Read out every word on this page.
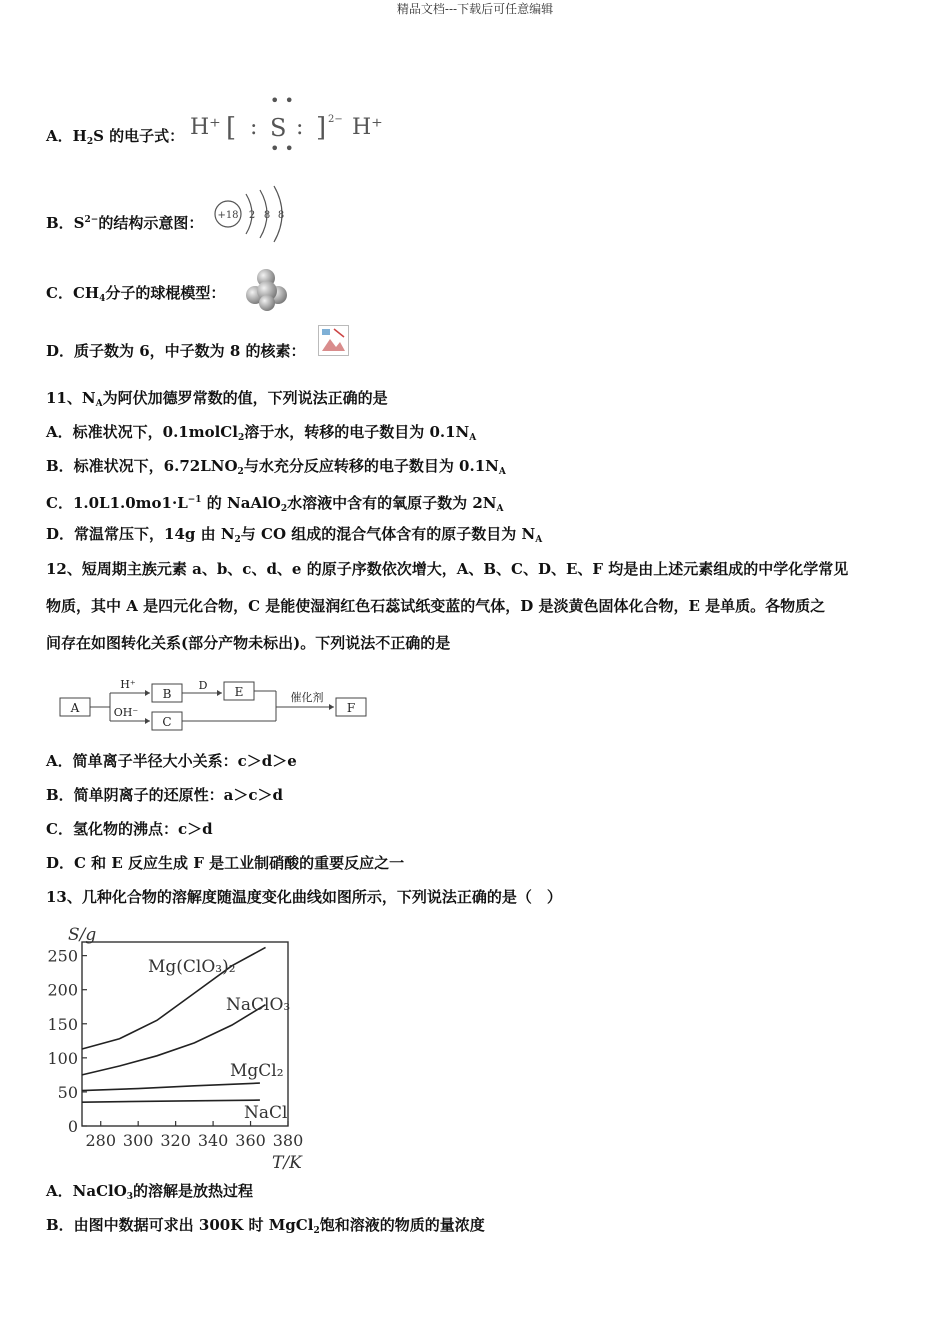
精品文档---下载后可任意编辑
A．$H_2S$ 的电子式： H⁺ [ : S
• •
• •
: ] 2− H⁺
B．$S^{2-}$的结构示意图： +18 2 8 8
C．$CH_4$分子的球棍模型：
D．质子数为 6，中子数为 8 的核素：
11、$N_A$为阿伏加德罗常数的值，下列说法正确的是
A．标准状况下，0.1molCl$_2$溶于水，转移的电子数目为 $0.1N_A$
B．标准状况下，$6.72LNO_2$与水充分反应转移的电子数目为 $0.1N_A$
C．$1.0L1.0mo1\cdot L^{-1}$ 的 NaAlO$_2$水溶液中含有的氧原子数为 $2N_A$
D．常温常压下，14g 由 $N_2$与 CO 组成的混合气体含有的原子数目为 $N_A$
12、短周期主族元素 a、b、c、d、e 的原子序数依次增大，A、B、C、D、E、F 均是由上述元素组成的中学化学常见
物质，其中 A 是四元化合物，C 是能使湿润红色石蕊试纸变蓝的气体，D 是淡黄色固体化合物，E 是单质。各物质之
间存在如图转化关系(部分产物未标出)。下列说法不正确的是
A
B
C
E
F
H⁺
OH⁻
D
催化剂
A．简单离子半径大小关系：c＞d＞e
B．简单阴离子的还原性：a＞c＞d
C．氢化物的沸点：c＞d
D．C 和 E 反应生成 F 是工业制硝酸的重要反应之一
13、几种化合物的溶解度随温度变化曲线如图所示，下列说法正确的是（　）
S/g
T/K
0
50
100
150
200
250
280 300 320 340 360 380
Mg(ClO₃)₂
NaClO₃
MgCl₂
NaCl
A．NaClO$_3$的溶解是放热过程
B．由图中数据可求出 300K 时 MgCl$_2$饱和溶液的物质的量浓度
